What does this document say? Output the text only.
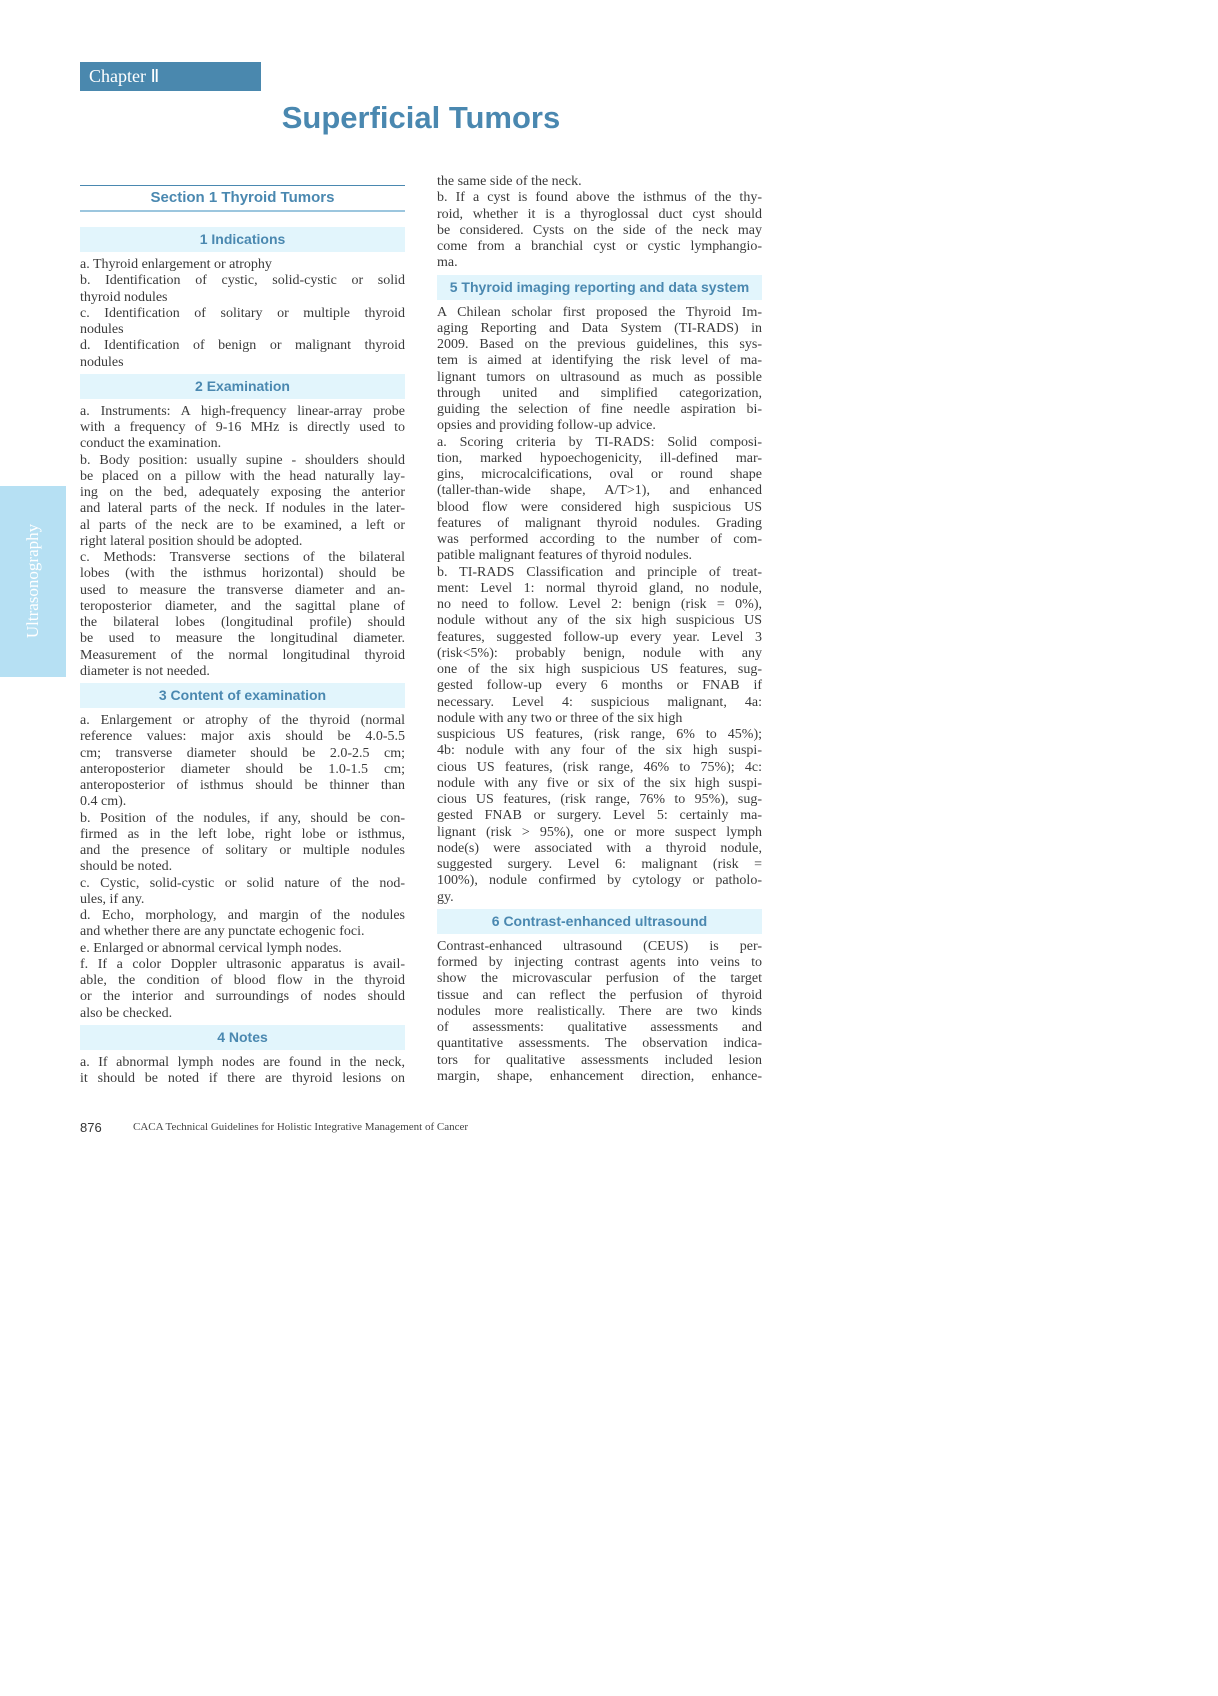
Chapter Ⅱ
Superficial Tumors
Ultrasonography
Section 1 Thyroid Tumors
1 Indications
a. Thyroid enlargement or atrophy
b. Identification of cystic, solid-cystic or solid
thyroid nodules
c. Identification of solitary or multiple thyroid
nodules
d. Identification of benign or malignant thyroid
nodules
2 Examination
a. Instruments: A high-frequency linear-array probe
with a frequency of 9-16 MHz is directly used to
conduct the examination.
b. Body position: usually supine - shoulders should
be placed on a pillow with the head naturally lay-
ing on the bed, adequately exposing the anterior
and lateral parts of the neck. If nodules in the later-
al parts of the neck are to be examined, a left or
right lateral position should be adopted.
c. Methods: Transverse sections of the bilateral
lobes (with the isthmus horizontal) should be
used to measure the transverse diameter and an-
teroposterior diameter, and the sagittal plane of
the bilateral lobes (longitudinal profile) should
be used to measure the longitudinal diameter.
Measurement of the normal longitudinal thyroid
diameter is not needed.
3 Content of examination
a. Enlargement or atrophy of the thyroid (normal
reference values: major axis should be 4.0-5.5
cm; transverse diameter should be 2.0-2.5 cm;
anteroposterior diameter should be 1.0-1.5 cm;
anteroposterior of isthmus should be thinner than
0.4 cm).
b. Position of the nodules, if any, should be con-
firmed as in the left lobe, right lobe or isthmus,
and the presence of solitary or multiple nodules
should be noted.
c. Cystic, solid-cystic or solid nature of the nod-
ules, if any.
d. Echo, morphology, and margin of the nodules
and whether there are any punctate echogenic foci.
e. Enlarged or abnormal cervical lymph nodes.
f. If a color Doppler ultrasonic apparatus is avail-
able, the condition of blood flow in the thyroid
or the interior and surroundings of nodes should
also be checked.
4 Notes
a. If abnormal lymph nodes are found in the neck,
it should be noted if there are thyroid lesions on
the same side of the neck.
b. If a cyst is found above the isthmus of the thy-
roid, whether it is a thyroglossal duct cyst should
be considered. Cysts on the side of the neck may
come from a branchial cyst or cystic lymphangio-
ma.
5 Thyroid imaging reporting and data system
A Chilean scholar first proposed the Thyroid Im-
aging Reporting and Data System (TI-RADS) in
2009. Based on the previous guidelines, this sys-
tem is aimed at identifying the risk level of ma-
lignant tumors on ultrasound as much as possible
through united and simplified categorization,
guiding the selection of fine needle aspiration bi-
opsies and providing follow-up advice.
a. Scoring criteria by TI-RADS: Solid composi-
tion, marked hypoechogenicity, ill-defined mar-
gins, microcalcifications, oval or round shape
(taller-than-wide shape, A/T>1), and enhanced
blood flow were considered high suspicious US
features of malignant thyroid nodules. Grading
was performed according to the number of com-
patible malignant features of thyroid nodules.
b. TI-RADS Classification and principle of treat-
ment: Level 1: normal thyroid gland, no nodule,
no need to follow. Level 2: benign (risk = 0%),
nodule without any of the six high suspicious US
features, suggested follow-up every year. Level 3
(risk<5%): probably benign, nodule with any
one of the six high suspicious US features, sug-
gested follow-up every 6 months or FNAB if
necessary. Level 4: suspicious malignant, 4a:
nodule with any two or three of the six high
suspicious US features, (risk range, 6% to 45%);
4b: nodule with any four of the six high suspi-
cious US features, (risk range, 46% to 75%); 4c:
nodule with any five or six of the six high suspi-
cious US features, (risk range, 76% to 95%), sug-
gested FNAB or surgery. Level 5: certainly ma-
lignant (risk > 95%), one or more suspect lymph
node(s) were associated with a thyroid nodule,
suggested surgery. Level 6: malignant (risk =
100%), nodule confirmed by cytology or patholo-
gy.
6 Contrast-enhanced ultrasound
Contrast-enhanced ultrasound (CEUS) is per-
formed by injecting contrast agents into veins to
show the microvascular perfusion of the target
tissue and can reflect the perfusion of thyroid
nodules more realistically. There are two kinds
of assessments: qualitative assessments and
quantitative assessments. The observation indica-
tors for qualitative assessments included lesion
margin, shape, enhancement direction, enhance-
876	CACA Technical Guidelines for Holistic Integrative Management of Cancer
